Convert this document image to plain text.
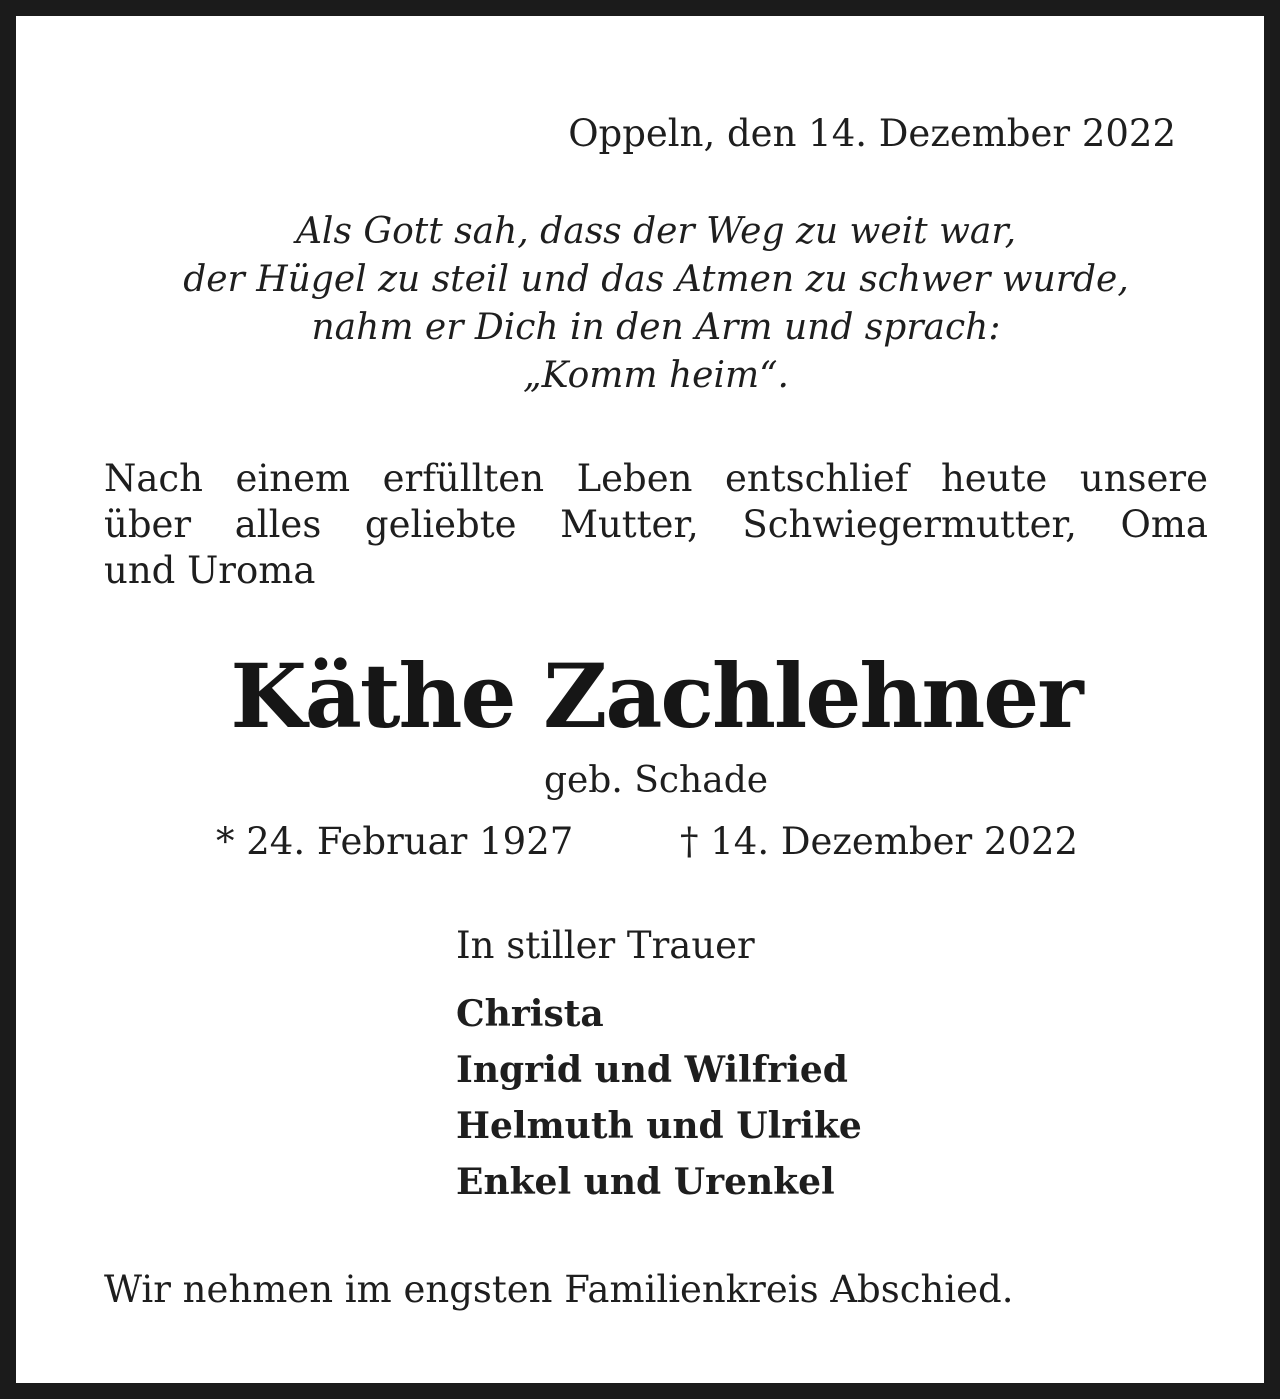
Oppeln, den 14. Dezember 2022

Als Gott sah, dass der Weg zu weit war,
der Hügel zu steil und das Atmen zu schwer wurde,
nahm er Dich in den Arm und sprach:
„Komm heim“.
Nach einem erfüllten Leben entschlief heute unsere
über alles geliebte Mutter, Schwiegermutter, Oma
und Uroma

Käthe Zachlehner

geb. Schade

* 24. Februar 1927	† 14. Dezember 2022

In stiller Trauer

Christa
Ingrid und Wilfried
Helmuth und Ulrike
Enkel und Urenkel

Wir nehmen im engsten Familienkreis Abschied.
